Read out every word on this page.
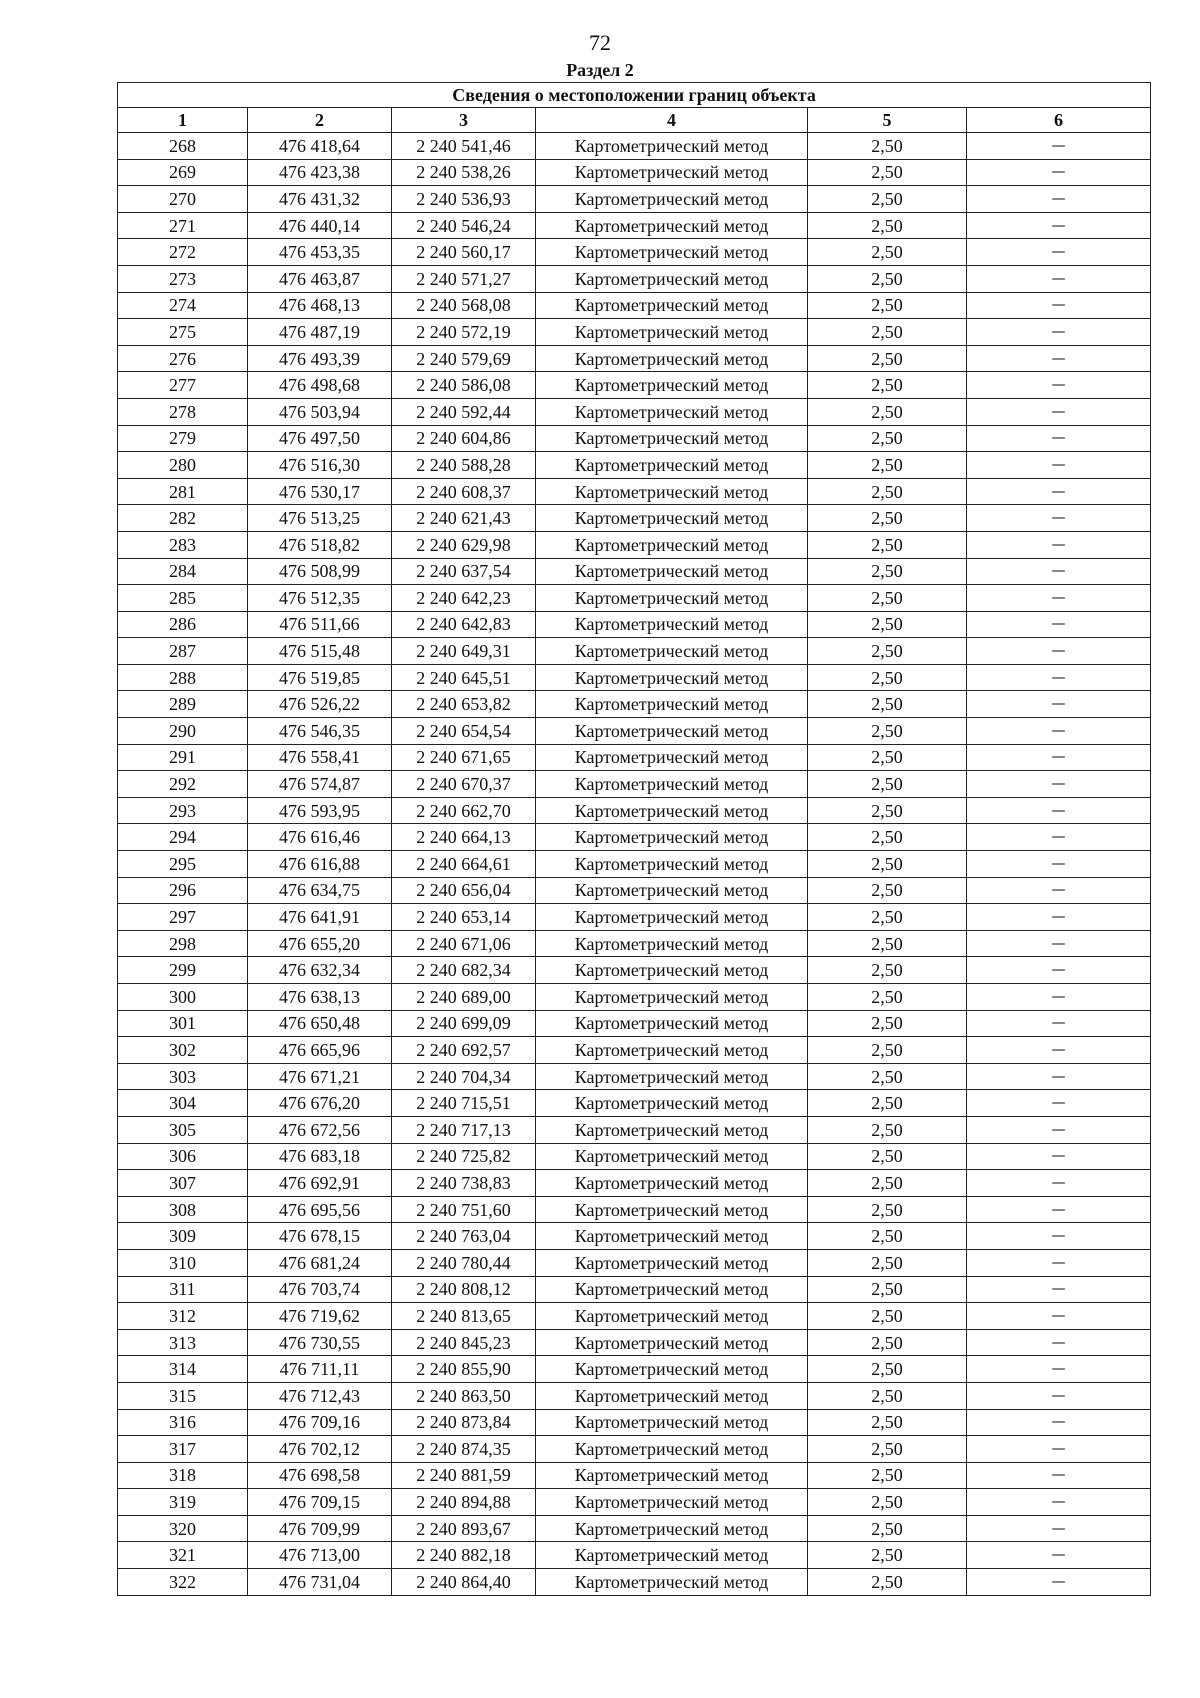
72
Раздел 2
Сведения о местоположении границ объекта					
1	2	3	4	5	6
268	476 418,64	2 240 541,46	Картометрический метод	2,50	—
269	476 423,38	2 240 538,26	Картометрический метод	2,50	—
270	476 431,32	2 240 536,93	Картометрический метод	2,50	—
271	476 440,14	2 240 546,24	Картометрический метод	2,50	—
272	476 453,35	2 240 560,17	Картометрический метод	2,50	—
273	476 463,87	2 240 571,27	Картометрический метод	2,50	—
274	476 468,13	2 240 568,08	Картометрический метод	2,50	—
275	476 487,19	2 240 572,19	Картометрический метод	2,50	—
276	476 493,39	2 240 579,69	Картометрический метод	2,50	—
277	476 498,68	2 240 586,08	Картометрический метод	2,50	—
278	476 503,94	2 240 592,44	Картометрический метод	2,50	—
279	476 497,50	2 240 604,86	Картометрический метод	2,50	—
280	476 516,30	2 240 588,28	Картометрический метод	2,50	—
281	476 530,17	2 240 608,37	Картометрический метод	2,50	—
282	476 513,25	2 240 621,43	Картометрический метод	2,50	—
283	476 518,82	2 240 629,98	Картометрический метод	2,50	—
284	476 508,99	2 240 637,54	Картометрический метод	2,50	—
285	476 512,35	2 240 642,23	Картометрический метод	2,50	—
286	476 511,66	2 240 642,83	Картометрический метод	2,50	—
287	476 515,48	2 240 649,31	Картометрический метод	2,50	—
288	476 519,85	2 240 645,51	Картометрический метод	2,50	—
289	476 526,22	2 240 653,82	Картометрический метод	2,50	—
290	476 546,35	2 240 654,54	Картометрический метод	2,50	—
291	476 558,41	2 240 671,65	Картометрический метод	2,50	—
292	476 574,87	2 240 670,37	Картометрический метод	2,50	—
293	476 593,95	2 240 662,70	Картометрический метод	2,50	—
294	476 616,46	2 240 664,13	Картометрический метод	2,50	—
295	476 616,88	2 240 664,61	Картометрический метод	2,50	—
296	476 634,75	2 240 656,04	Картометрический метод	2,50	—
297	476 641,91	2 240 653,14	Картометрический метод	2,50	—
298	476 655,20	2 240 671,06	Картометрический метод	2,50	—
299	476 632,34	2 240 682,34	Картометрический метод	2,50	—
300	476 638,13	2 240 689,00	Картометрический метод	2,50	—
301	476 650,48	2 240 699,09	Картометрический метод	2,50	—
302	476 665,96	2 240 692,57	Картометрический метод	2,50	—
303	476 671,21	2 240 704,34	Картометрический метод	2,50	—
304	476 676,20	2 240 715,51	Картометрический метод	2,50	—
305	476 672,56	2 240 717,13	Картометрический метод	2,50	—
306	476 683,18	2 240 725,82	Картометрический метод	2,50	—
307	476 692,91	2 240 738,83	Картометрический метод	2,50	—
308	476 695,56	2 240 751,60	Картометрический метод	2,50	—
309	476 678,15	2 240 763,04	Картометрический метод	2,50	—
310	476 681,24	2 240 780,44	Картометрический метод	2,50	—
311	476 703,74	2 240 808,12	Картометрический метод	2,50	—
312	476 719,62	2 240 813,65	Картометрический метод	2,50	—
313	476 730,55	2 240 845,23	Картометрический метод	2,50	—
314	476 711,11	2 240 855,90	Картометрический метод	2,50	—
315	476 712,43	2 240 863,50	Картометрический метод	2,50	—
316	476 709,16	2 240 873,84	Картометрический метод	2,50	—
317	476 702,12	2 240 874,35	Картометрический метод	2,50	—
318	476 698,58	2 240 881,59	Картометрический метод	2,50	—
319	476 709,15	2 240 894,88	Картометрический метод	2,50	—
320	476 709,99	2 240 893,67	Картометрический метод	2,50	—
321	476 713,00	2 240 882,18	Картометрический метод	2,50	—
322	476 731,04	2 240 864,40	Картометрический метод	2,50	—
